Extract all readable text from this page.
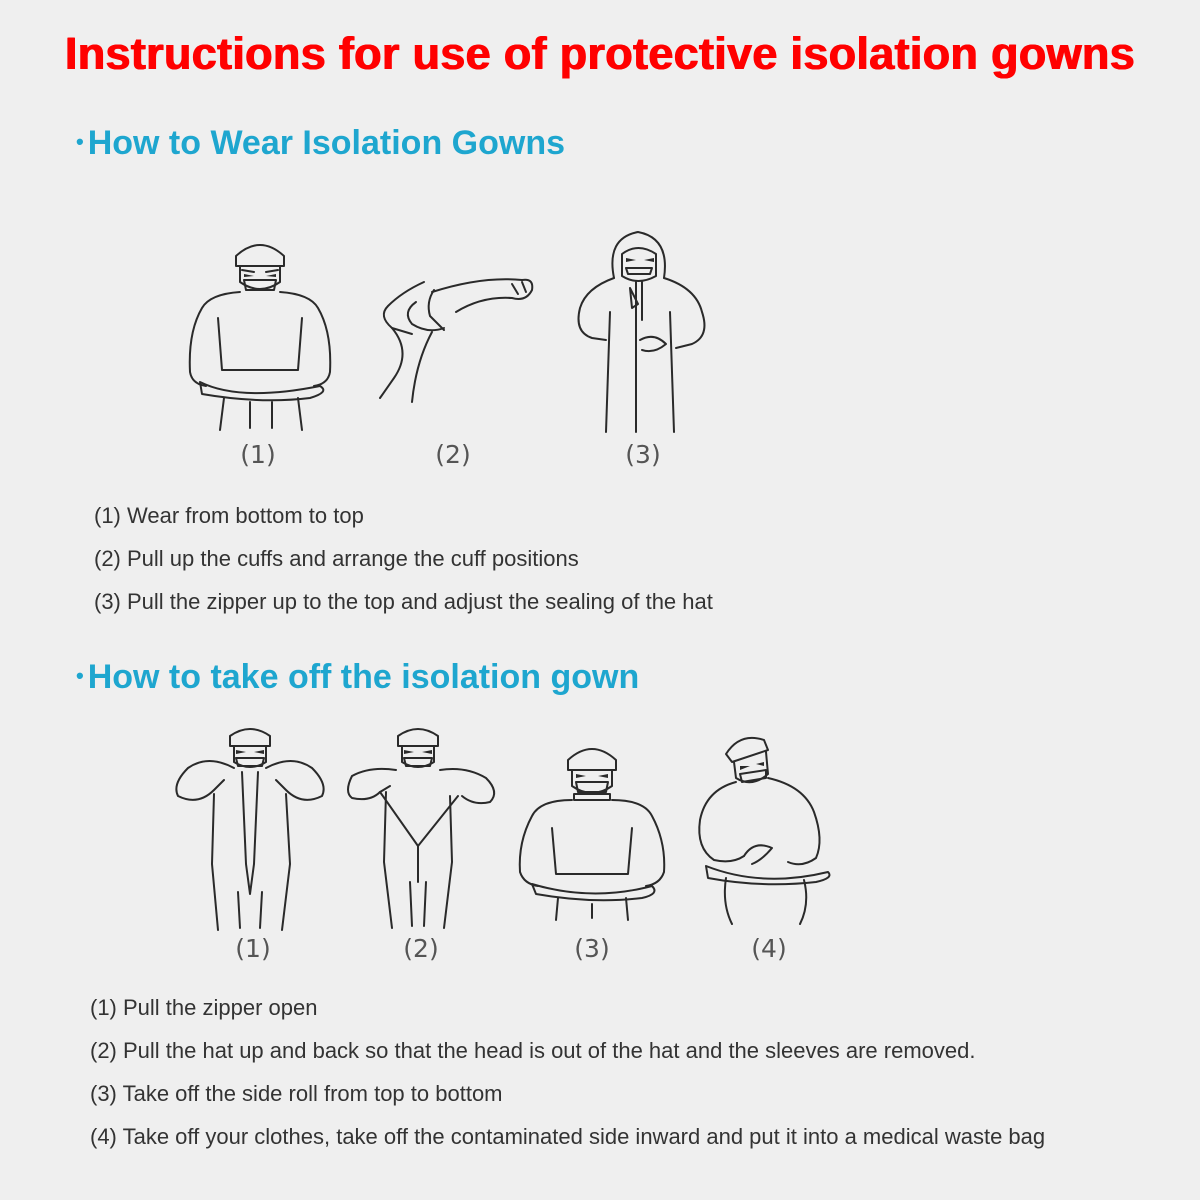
Instructions for use of protective isolation gowns
• How to Wear Isolation Gowns
(1)	(2)	(3)
(1) Wear from bottom to top
(2) Pull up the cuffs and arrange the cuff positions
(3) Pull the zipper up to the top and adjust the sealing of the hat
• How to take off the isolation gown
(1)	(2)	(3)	(4)
(1) Pull the zipper open
(2) Pull the hat up and back so that the head is out of the hat and the sleeves are removed.
(3) Take off the side roll from top to bottom
(4) Take off your clothes, take off the contaminated side inward and put it into a medical waste bag
